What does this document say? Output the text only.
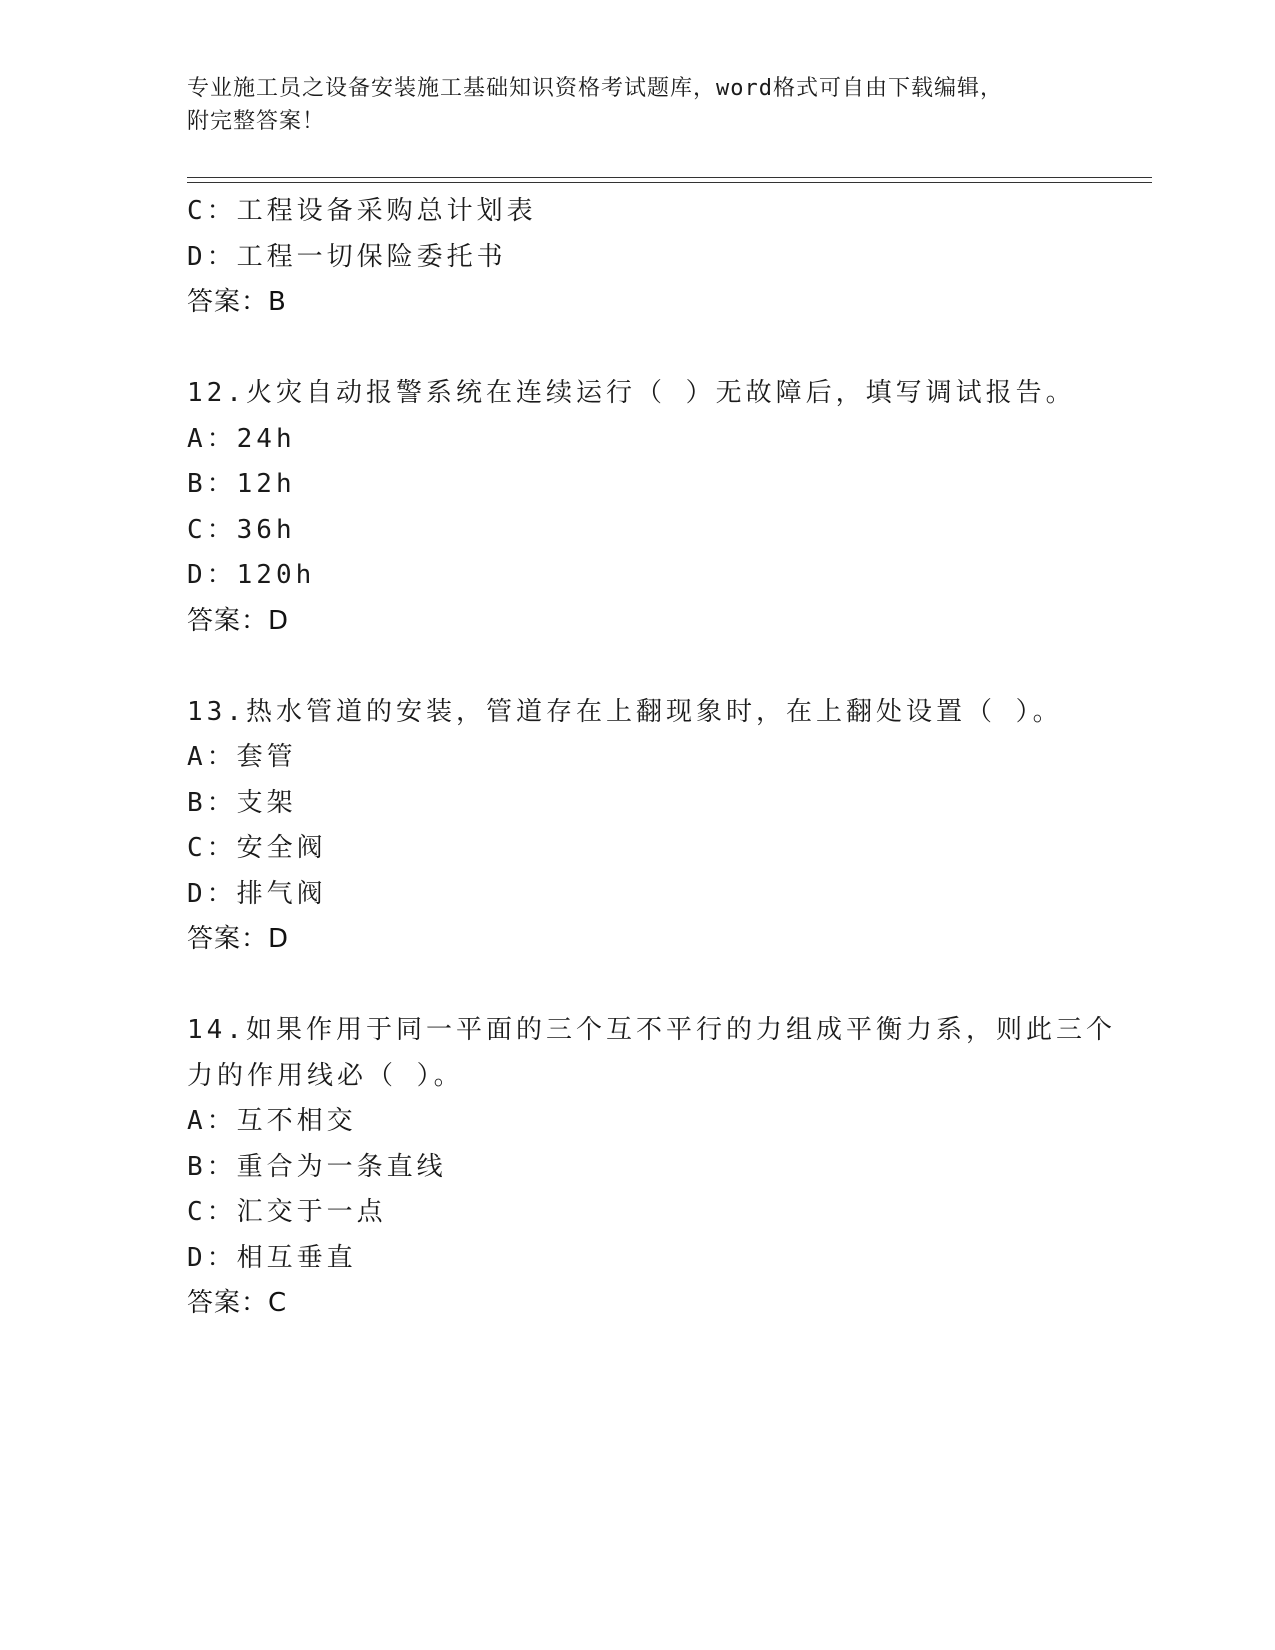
专业施工员之设备安装施工基础知识资格考试题库，word格式可自由下载编辑，
附完整答案！
C：工程设备采购总计划表
D：工程一切保险委托书
答案：B
12.火灾自动报警系统在连续运行（ ）无故障后，填写调试报告。
A：24h
B：12h
C：36h
D：120h
答案：D
13.热水管道的安装，管道存在上翻现象时，在上翻处设置（ ）。
A：套管
B：支架
C：安全阀
D：排气阀
答案：D
14.如果作用于同一平面的三个互不平行的力组成平衡力系，则此三个
力的作用线必（ ）。
A：互不相交
B：重合为一条直线
C：汇交于一点
D：相互垂直
答案：C
